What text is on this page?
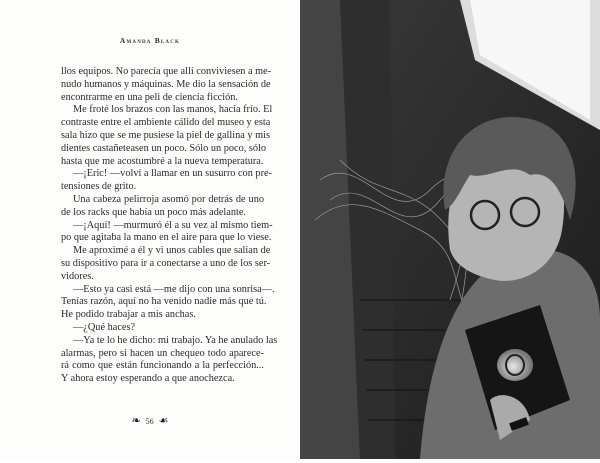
Amanda Black
llos equipos. No parecía que allí conviviesen a me-
nudo humanos y máquinas. Me dio la sensación de
encontrarme en una peli de ciencia ficción.
Me froté los brazos con las manos, hacía frío. El
contraste entre el ambiente cálido del museo y esta
sala hizo que se me pusiese la piel de gallina y mis
dientes castañeteasen un poco. Sólo un poco, sólo
hasta que me acostumbré a la nueva temperatura.
—¡Eric! —volví a llamar en un susurro con pre-
tensiones de grito.
Una cabeza pelirroja asomó por detrás de uno
de los racks que había un poco más adelante.
—¡Aquí! —murmuró él a su vez al mismo tiem-
po que agitaba la mano en el aire para que lo viese.
Me aproximé a él y vi unos cables que salían de
su dispositivo para ir a conectarse a uno de los ser-
vidores.
—Esto ya casi está —me dijo con una sonrisa—.
Tenías razón, aquí no ha venido nadie más que tú.
He podido trabajar a mis anchas.
—¿Qué haces?
—Ya te lo he dicho: mi trabajo. Ya he anulado las
alarmas, pero si hacen un chequeo todo aparece-
rá como que están funcionando a la perfección...
Y ahora estoy esperando a que anochezca.
❧ 56 ☙
